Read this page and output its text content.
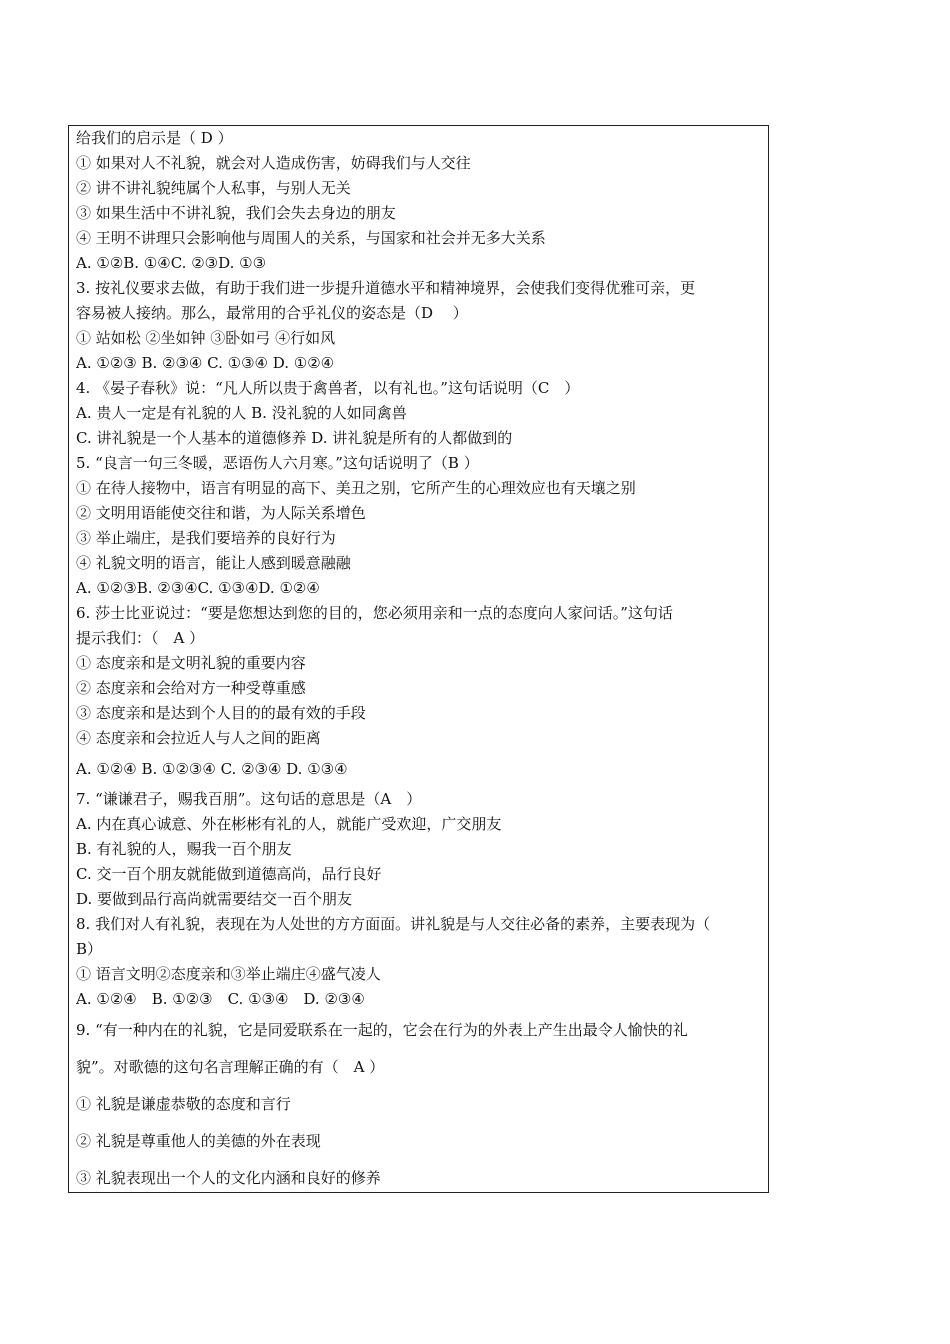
给我们的启示是（ D ）
① 如果对人不礼貌，就会对人造成伤害，妨碍我们与人交往
② 讲不讲礼貌纯属个人私事，与别人无关
③ 如果生活中不讲礼貌，我们会失去身边的朋友
④ 王明不讲理只会影响他与周围人的关系，与国家和社会并无多大关系
A. ①②B. ①④C. ②③D. ①③
3. 按礼仪要求去做，有助于我们进一步提升道德水平和精神境界，会使我们变得优雅可亲，更
容易被人接纳。那么，最常用的合乎礼仪的姿态是（D　 ）
① 站如松 ②坐如钟 ③卧如弓 ④行如风
A. ①②③ B. ②③④ C. ①③④ D. ①②④
4. 《晏子春秋》说：“凡人所以贵于禽兽者，以有礼也。”这句话说明（C　）
A. 贵人一定是有礼貌的人 B. 没礼貌的人如同禽兽
C. 讲礼貌是一个人基本的道德修养 D. 讲礼貌是所有的人都做到的
5. “良言一句三冬暖，恶语伤人六月寒。”这句话说明了（B ）
① 在待人接物中，语言有明显的高下、美丑之别，它所产生的心理效应也有天壤之别
② 文明用语能使交往和谐，为人际关系增色
③ 举止端庄，是我们要培养的良好行为
④ 礼貌文明的语言，能让人感到暖意融融
A. ①②③B. ②③④C. ①③④D. ①②④
6. 莎士比亚说过：“要是您想达到您的目的，您必须用亲和一点的态度向人家问话。”这句话
提示我们：（　A ）
① 态度亲和是文明礼貌的重要内容
② 态度亲和会给对方一种受尊重感
③ 态度亲和是达到个人目的的最有效的手段
④ 态度亲和会拉近人与人之间的距离
A. ①②④ B. ①②③④ C. ②③④ D. ①③④
7. “谦谦君子，赐我百朋”。这句话的意思是（A　）
A. 内在真心诚意、外在彬彬有礼的人，就能广受欢迎，广交朋友
B. 有礼貌的人，赐我一百个朋友
C. 交一百个朋友就能做到道德高尚，品行良好
D. 要做到品行高尚就需要结交一百个朋友
8. 我们对人有礼貌，表现在为人处世的方方面面。讲礼貌是与人交往必备的素养，主要表现为（
B）
① 语言文明②态度亲和③举止端庄④盛气凌人
A. ①②④　B. ①②③　C. ①③④　D. ②③④
9. “有一种内在的礼貌，它是同爱联系在一起的，它会在行为的外表上产生出最令人愉快的礼
貌”。对歌德的这句名言理解正确的有（　A ）
① 礼貌是谦虚恭敬的态度和言行
② 礼貌是尊重他人的美德的外在表现
③ 礼貌表现出一个人的文化内涵和良好的修养
